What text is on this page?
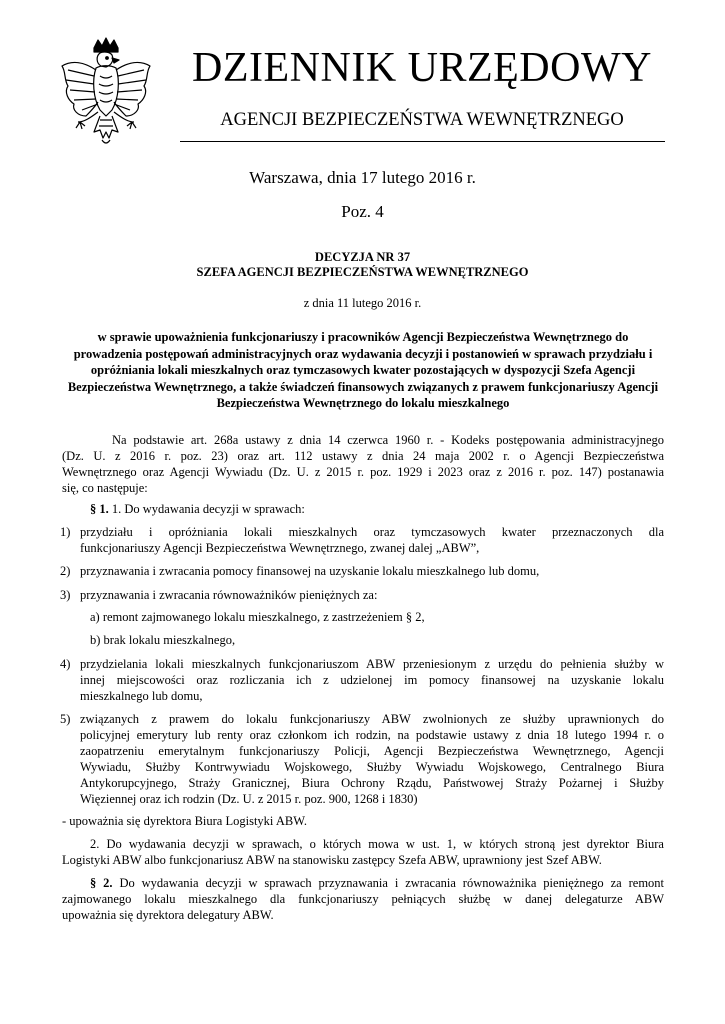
DZIENNIK URZĘDOWY
AGENCJI BEZPIECZEŃSTWA WEWNĘTRZNEGO
Warszawa, dnia 17 lutego 2016 r.
Poz. 4
DECYZJA NR 37
SZEFA AGENCJI BEZPIECZEŃSTWA WEWNĘTRZNEGO
z dnia 11 lutego 2016 r.
w sprawie upoważnienia funkcjonariuszy i pracowników Agencji Bezpieczeństwa Wewnętrznego do prowadzenia postępowań administracyjnych oraz wydawania decyzji i postanowień w sprawach przydziału i opróżniania lokali mieszkalnych oraz tymczasowych kwater pozostających w dyspozycji Szefa Agencji Bezpieczeństwa Wewnętrznego, a także świadczeń finansowych związanych z prawem funkcjonariuszy Agencji Bezpieczeństwa Wewnętrznego do lokalu mieszkalnego
Na podstawie art. 268a ustawy z dnia 14 czerwca 1960 r. - Kodeks postępowania administracyjnego
(Dz. U. z 2016 r. poz. 23) oraz art. 112 ustawy z dnia 24 maja 2002 r. o Agencji Bezpieczeństwa
Wewnętrznego oraz Agencji Wywiadu (Dz. U. z 2015 r. poz. 1929 i 2023 oraz z 2016 r. poz. 147) postanawia
się, co następuje:
§ 1. 1. Do wydawania decyzji w sprawach:
1) przydziału i opróżniania lokali mieszkalnych oraz tymczasowych kwater przeznaczonych dla
funkcjonariuszy Agencji Bezpieczeństwa Wewnętrznego, zwanej dalej „ABW”,
2) przyznawania i zwracania pomocy finansowej na uzyskanie lokalu mieszkalnego lub domu,
3) przyznawania i zwracania równoważników pieniężnych za:
a) remont zajmowanego lokalu mieszkalnego, z zastrzeżeniem § 2,
b) brak lokalu mieszkalnego,
4) przydzielania lokali mieszkalnych funkcjonariuszom ABW przeniesionym z urzędu do pełnienia służby w
innej miejscowości oraz rozliczania ich z udzielonej im pomocy finansowej na uzyskanie lokalu
mieszkalnego lub domu,
5) związanych z prawem do lokalu funkcjonariuszy ABW zwolnionych ze służby uprawnionych do
policyjnej emerytury lub renty oraz członkom ich rodzin, na podstawie ustawy z dnia 18 lutego 1994 r. o
zaopatrzeniu emerytalnym funkcjonariuszy Policji, Agencji Bezpieczeństwa Wewnętrznego, Agencji
Wywiadu, Służby Kontrwywiadu Wojskowego, Służby Wywiadu Wojskowego, Centralnego Biura
Antykorupcyjnego, Straży Granicznej, Biura Ochrony Rządu, Państwowej Straży Pożarnej i Służby
Więziennej oraz ich rodzin (Dz. U. z 2015 r. poz. 900, 1268 i 1830)
- upoważnia się dyrektora Biura Logistyki ABW.
2. Do wydawania decyzji w sprawach, o których mowa w ust. 1, w których stroną jest dyrektor Biura
Logistyki ABW albo funkcjonariusz ABW na stanowisku zastępcy Szefa ABW, uprawniony jest Szef ABW.
§ 2. Do wydawania decyzji w sprawach przyznawania i zwracania równoważnika pieniężnego za remont
zajmowanego lokalu mieszkalnego dla funkcjonariuszy pełniących służbę w danej delegaturze ABW
upoważnia się dyrektora delegatury ABW.
